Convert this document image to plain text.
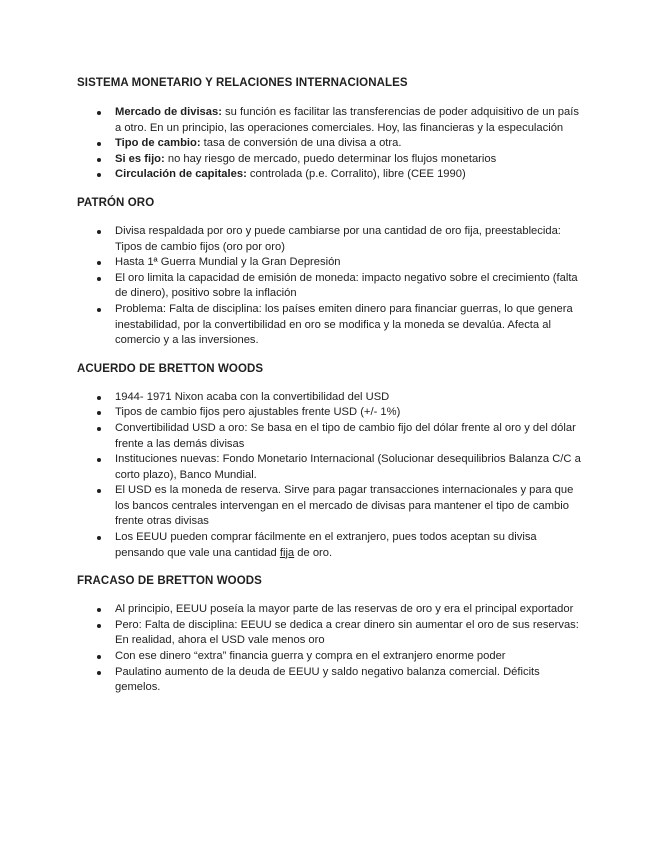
SISTEMA MONETARIO Y RELACIONES INTERNACIONALES
Mercado de divisas: su función es facilitar las transferencias de poder adquisitivo de un país a otro. En un principio, las operaciones comerciales. Hoy, las financieras y la especulación
Tipo de cambio: tasa de conversión de una divisa a otra.
Si es fijo: no hay riesgo de mercado, puedo determinar los flujos monetarios
Circulación de capitales: controlada (p.e. Corralito), libre (CEE 1990)
PATRÓN ORO
Divisa respaldada por oro y puede cambiarse por una cantidad de oro fija, preestablecida: Tipos de cambio fijos (oro por oro)
Hasta 1ª Guerra Mundial y la Gran Depresión
El oro limita la capacidad de emisión de moneda: impacto negativo sobre el crecimiento (falta de dinero), positivo sobre la inflación
Problema: Falta de disciplina: los países emiten dinero para financiar guerras, lo que genera inestabilidad, por la convertibilidad en oro se modifica y la moneda se devalúa. Afecta al comercio y a las inversiones.
ACUERDO DE BRETTON WOODS
1944- 1971 Nixon acaba con la convertibilidad del USD
Tipos de cambio fijos pero ajustables frente USD (+/- 1%)
Convertibilidad USD a oro: Se basa en el tipo de cambio fijo del dólar frente al oro y del dólar frente a las demás divisas
Instituciones nuevas: Fondo Monetario Internacional (Solucionar desequilibrios Balanza C/C a corto plazo), Banco Mundial.
El USD es la moneda de reserva. Sirve para pagar transacciones internacionales y para que los bancos centrales intervengan en el mercado de divisas para mantener el tipo de cambio frente otras divisas
Los EEUU pueden comprar fácilmente en el extranjero, pues todos aceptan su divisa pensando que vale una cantidad fija de oro.
FRACASO DE BRETTON WOODS
Al principio, EEUU poseía la mayor parte de las reservas de oro y era el principal exportador
Pero: Falta de disciplina: EEUU se dedica a crear dinero sin aumentar el oro de sus reservas: En realidad, ahora el USD vale menos oro
Con ese dinero “extra” financia guerra y compra en el extranjero enorme poder
Paulatino aumento de la deuda de EEUU y saldo negativo balanza comercial. Déficits gemelos.
